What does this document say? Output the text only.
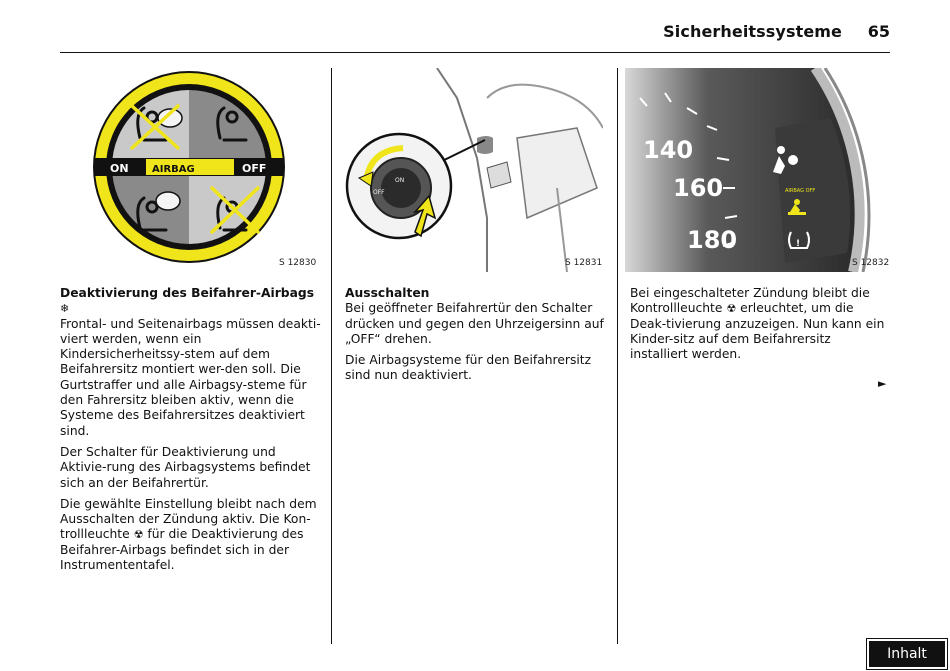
Sicherheitssysteme	65
ON AIRBAG	OFF
S 12830
ON
OFF
S 12831
140
160
180
AIRBAG OFF
!
S 12832
Deaktivierung des Beifahrer-Airbags ❄

Frontal- und Seitenairbags müssen deakti-viert werden, wenn ein Kindersicherheitssy-stem auf dem Beifahrersitz montiert wer-den soll. Die Gurtstraffer und alle Airbagsy-steme für den Fahrersitz bleiben aktiv, wenn die Systeme des Beifahrersitzes deaktiviert sind.

Der Schalter für Deaktivierung und Aktivie-rung des Airbagsystems befindet sich an der Beifahrertür.

Die gewählte Einstellung bleibt nach dem Ausschalten der Zündung aktiv. Die Kon-trollleuchte ☢ für die Deaktivierung des Beifahrer-Airbags befindet sich in der Instrumententafel.

Ausschalten

Bei geöffneter Beifahrertür den Schalter drücken und gegen den Uhrzeigersinn auf „OFF“ drehen.

Die Airbagsysteme für den Beifahrersitz sind nun deaktiviert.

Bei eingeschalteter Zündung bleibt die Kontrollleuchte ☢ erleuchtet, um die Deak-tivierung anzuzeigen. Nun kann ein Kinder-sitz auf dem Beifahrersitz installiert werden.

►
Inhalt
